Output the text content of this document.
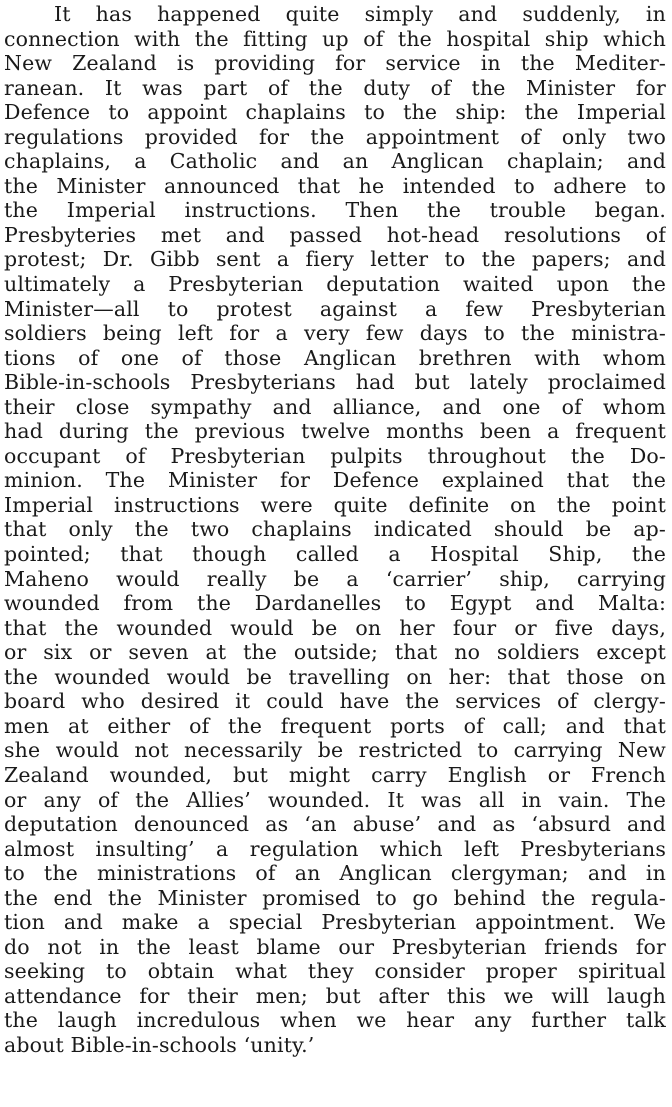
It has happened quite simply and suddenly, in
connection with the fitting up of the hospital ship which
New Zealand is providing for service in the Mediter-
ranean. It was part of the duty of the Minister for
Defence to appoint chaplains to the ship: the Imperial
regulations provided for the appointment of only two
chaplains, a Catholic and an Anglican chaplain; and
the Minister announced that he intended to adhere to
the Imperial instructions. Then the trouble began.
Presbyteries met and passed hot-head resolutions of
protest; Dr. Gibb sent a fiery letter to the papers; and
ultimately a Presbyterian deputation waited upon the
Minister—all to protest against a few Presbyterian
soldiers being left for a very few days to the ministra-
tions of one of those Anglican brethren with whom
Bible-in-schools Presbyterians had but lately proclaimed
their close sympathy and alliance, and one of whom
had during the previous twelve months been a frequent
occupant of Presbyterian pulpits throughout the Do-
minion. The Minister for Defence explained that the
Imperial instructions were quite definite on the point
that only the two chaplains indicated should be ap-
pointed; that though called a Hospital Ship, the
Maheno would really be a ‘carrier’ ship, carrying
wounded from the Dardanelles to Egypt and Malta:
that the wounded would be on her four or five days,
or six or seven at the outside; that no soldiers except
the wounded would be travelling on her: that those on
board who desired it could have the services of clergy-
men at either of the frequent ports of call; and that
she would not necessarily be restricted to carrying New
Zealand wounded, but might carry English or French
or any of the Allies’ wounded. It was all in vain. The
deputation denounced as ‘an abuse’ and as ‘absurd and
almost insulting’ a regulation which left Presbyterians
to the ministrations of an Anglican clergyman; and in
the end the Minister promised to go behind the regula-
tion and make a special Presbyterian appointment. We
do not in the least blame our Presbyterian friends for
seeking to obtain what they consider proper spiritual
attendance for their men; but after this we will laugh
the laugh incredulous when we hear any further talk
about Bible-in-schools ‘unity.’
